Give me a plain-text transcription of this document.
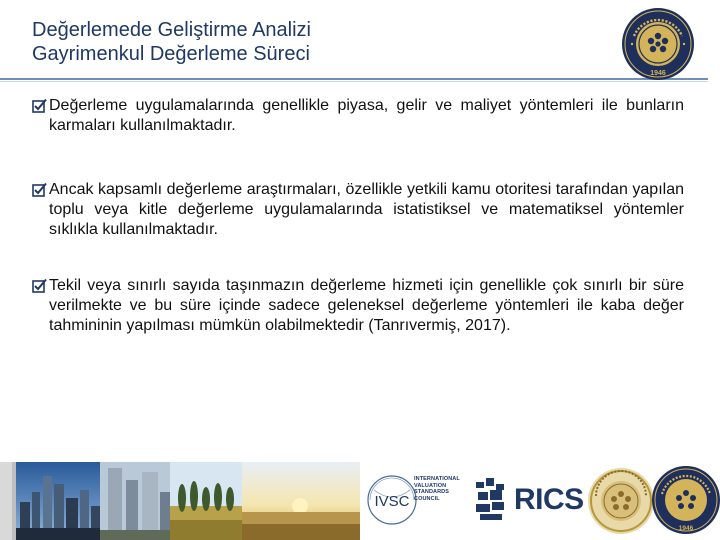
Değerlemede Geliştirme Analizi
Gayrimenkul Değerleme Süreci
1946
Değerleme uygulamalarında genellikle piyasa, gelir ve maliyet yöntemleri ile bunların karmaları kullanılmaktadır.
Ancak kapsamlı değerleme araştırmaları, özellikle yetkili kamu otoritesi tarafından yapılan toplu veya kitle değerleme uygulamalarında istatistiksel ve matematiksel yöntemler sıklıkla kullanılmaktadır.
Tekil veya sınırlı sayıda taşınmazın değerleme hizmeti için genellikle çok sınırlı bir süre verilmekte ve bu süre içinde sadece geleneksel değerleme yöntemleri ile kaba değer tahmininin yapılması mümkün olabilmektedir (Tanrıvermiş, 2017).
IVSC
INTERNATIONAL VALUATION STANDARDS COUNCIL	RICS
1946
